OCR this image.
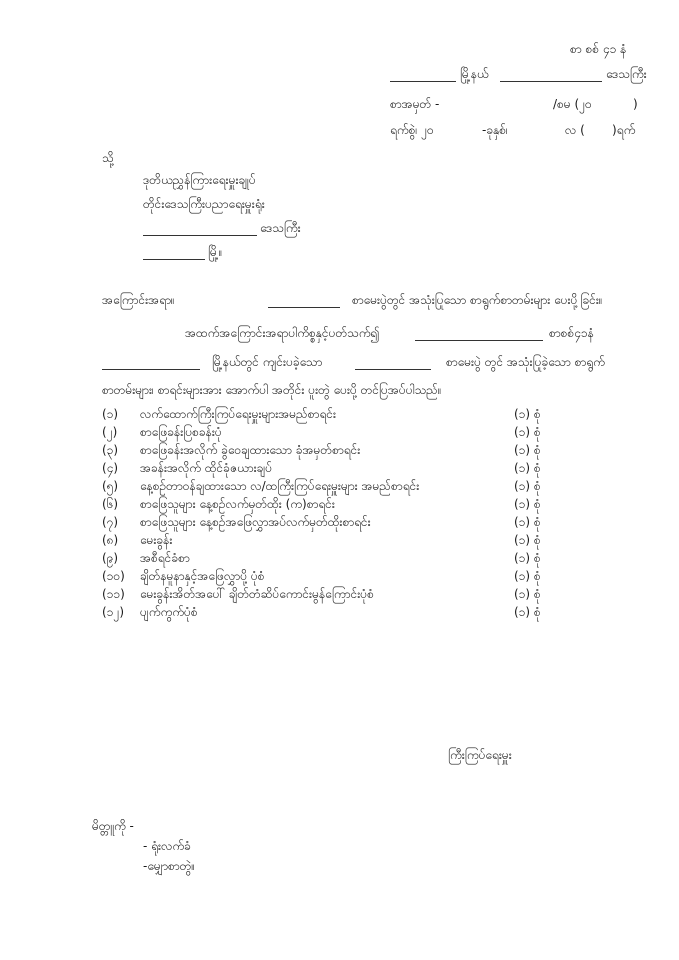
စာ စစ် ၄၁ နံ
မြို့နယ်	ဒေသကြီး
စာအမှတ် -	/စမ (၂၀	)
ရက်စွဲ၊ ၂၀	-ခုနှစ်၊	လ ( )ရက်
သို့
ဒုတိယညွှန်ကြားရေးမှူးချုပ်
တိုင်းဒေသကြီးပညာရေးမှူးရုံး
ဒေသကြီး
မြို့။
အကြောင်းအရာ။	စာမေးပွဲတွင် အသုံးပြုသော စာရွက်စာတမ်းများ ပေးပို့ခြင်း။
အထက်အကြောင်းအရာပါကိစ္စနှင့်ပတ်သက်၍	စာစစ်၄၁နံ
မြို့နယ်တွင် ကျင်းပခဲ့သော	စာမေးပွဲ တွင် အသုံးပြုခဲ့သော စာရွက်
စာတမ်းများ၊ စာရင်းများအား အောက်ပါ အတိုင်း ပူးတွဲ ပေးပို့ တင်ပြအပ်ပါသည်။
(၁) လက်ထောက်ကြီးကြပ်ရေးမှူးများအမည်စာရင်း	(၁) စုံ
(၂) စာဖြေခန်းပြစခန်းပုံ	(၁) စုံ
(၃) စာဖြေခန်းအလိုက် ခွဲဝေချထားသော ခုံအမှတ်စာရင်း	(၁) စုံ
(၄) အခန်းအလိုက် ထိုင်ခုံဇယားချပ်	(၁) စုံ
(၅) နေ့စဉ်တာဝန်ချထားသော လ/ထကြီးကြပ်ရေးမှူးများ အမည်စာရင်း	(၁) စုံ
(၆) စာဖြေသူများ နေ့စဉ်လက်မှတ်ထိုး (က)စာရင်း	(၁) စုံ
(၇) စာဖြေသူများ နေ့စဉ်အဖြေလွှာအပ်လက်မှတ်ထိုးစာရင်း	(၁) စုံ
(၈) မေးခွန်း	(၁) စုံ
(၉) အစီရင်ခံစာ	(၁) စုံ
(၁၀) ချိတ်နမူနာနှင့်အဖြေလွှာပို့ ပုံစံ	(၁) စုံ
(၁၁) မေးခွန်းအိတ်အပေါ် ချိတ်တံဆိပ်ကောင်းမွန်ကြောင်းပုံစံ	(၁) စုံ
(၁၂) ပျက်ကွက်ပုံစံ	(၁) စုံ
ကြီးကြပ်ရေးမှူး
မိတ္တူကို -
- ရုံးလက်ခံ
-မျှောစာတွဲ။
